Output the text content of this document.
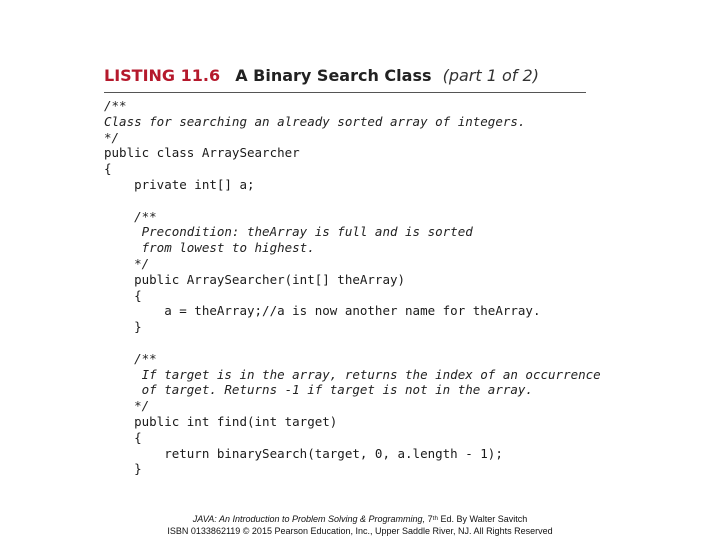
LISTING 11.6 A Binary Search Class (part 1 of 2)
/**
Class for searching an already sorted array of integers.
*/
public class ArraySearcher
{
private int[] a;
/**
Precondition: theArray is full and is sorted
from lowest to highest.
*/
public ArraySearcher(int[] theArray)
{
a = theArray;//a is now another name for theArray.
}
/**
If target is in the array, returns the index of an occurrence
of target. Returns -1 if target is not in the array.
*/
public int find(int target)
{
return binarySearch(target, 0, a.length - 1);
}
JAVA: An Introduction to Problem Solving & Programming, 7ᵗʰ Ed. By Walter Savitch
ISBN 0133862119 © 2015 Pearson Education, Inc., Upper Saddle River, NJ. All Rights Reserved
